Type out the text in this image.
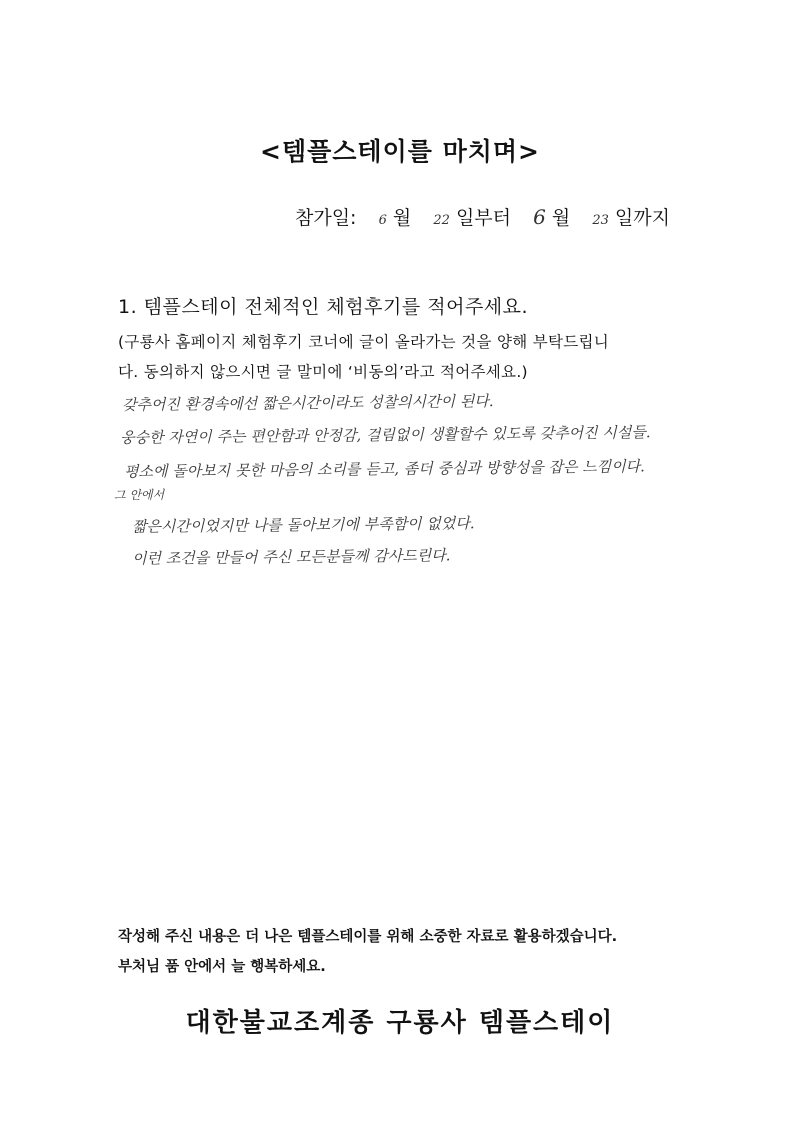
<템플스테이를 마치며>
참가일: 6 월 22 일부터 6 월 23 일까지
1. 템플스테이 전체적인 체험후기를 적어주세요.
(구룡사 홈페이지 체험후기 코너에 글이 올라가는 것을 양해 부탁드립니
다. 동의하지 않으시면 글 말미에 ‘비동의’라고 적어주세요.)
갖추어진 환경속에선 짧은시간이라도 성찰의시간이 된다.
웅숭한 자연이 주는 편안함과 안정감, 걸림없이 생활할수 있도록 갖추어진 시설들.
평소에 돌아보지 못한 마음의 소리를 듣고, 좀더 중심과 방향성을 잡은 느낌이다.
그 안에서
짧은시간이었지만 나를 돌아보기에 부족함이 없었다.
이런 조건을 만들어 주신 모든분들께 감사드린다.
작성해 주신 내용은 더 나은 템플스테이를 위해 소중한 자료로 활용하겠습니다.
부처님 품 안에서 늘 행복하세요.
대한불교조계종 구룡사 템플스테이
